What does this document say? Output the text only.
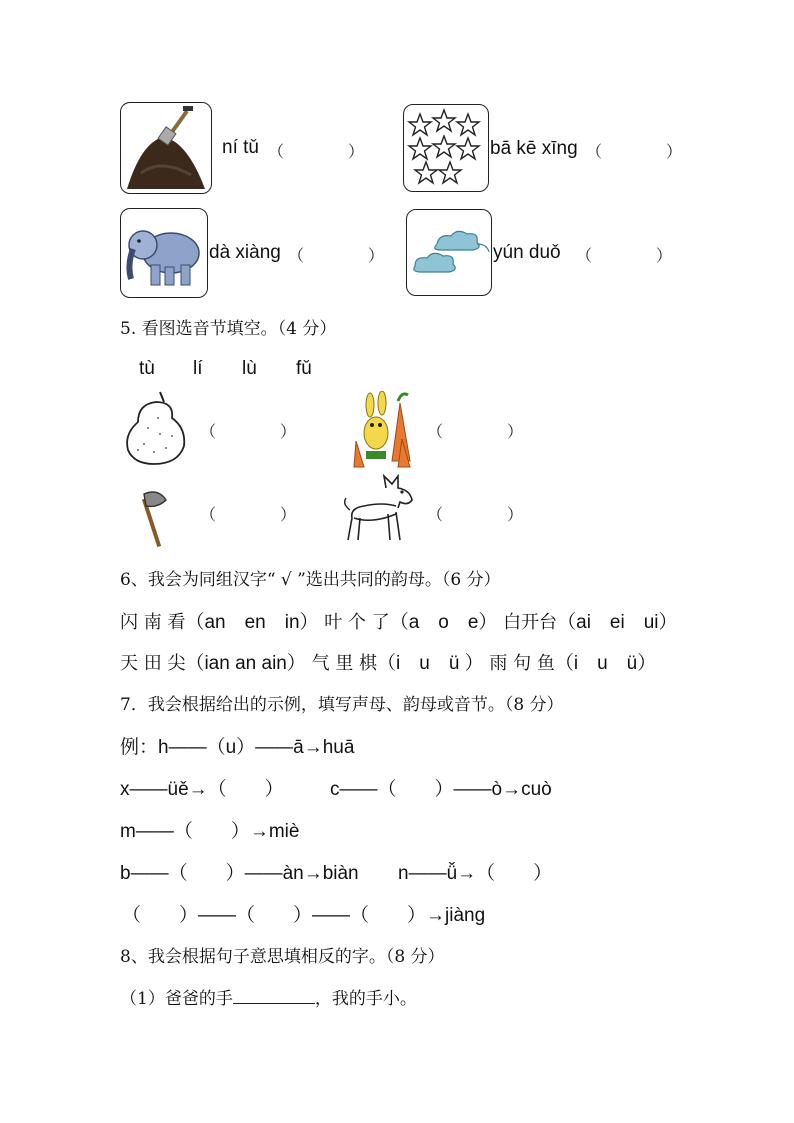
ní tǔ （　　　　）	bā kē xīng （　　　　）
dà xiàng （　　　　）	yún duǒ （　　　　）
5. 看图选音节填空。（4 分）
tù lí lù fǔ
（　　　　）	（　　　　）
（　　　　）	（　　　　）
6、我会为同组汉字“ √ ”选出共同的韵母。（6 分）
闪 南 看（an　en　in） 叶 个 了（a　o　e） 白开台（ai　ei　ui）
天 田 尖（ian an ain） 气 里 棋（i　u　ü ） 雨 句 鱼（i　u　ü）
7．我会根据给出的示例，填写声母、韵母或音节。（8 分）
例：h——（u）——ā→huā
x——üě→（　　） c——（　　）——ò→cuò
m——（　　）→miè
b——（　　）——àn→biàn n——ǚ→（　　）
（　　）——（　　）——（　　）→jiàng
8、我会根据句子意思填相反的字。（8 分）
（1）爸爸的手	，我的手小。
